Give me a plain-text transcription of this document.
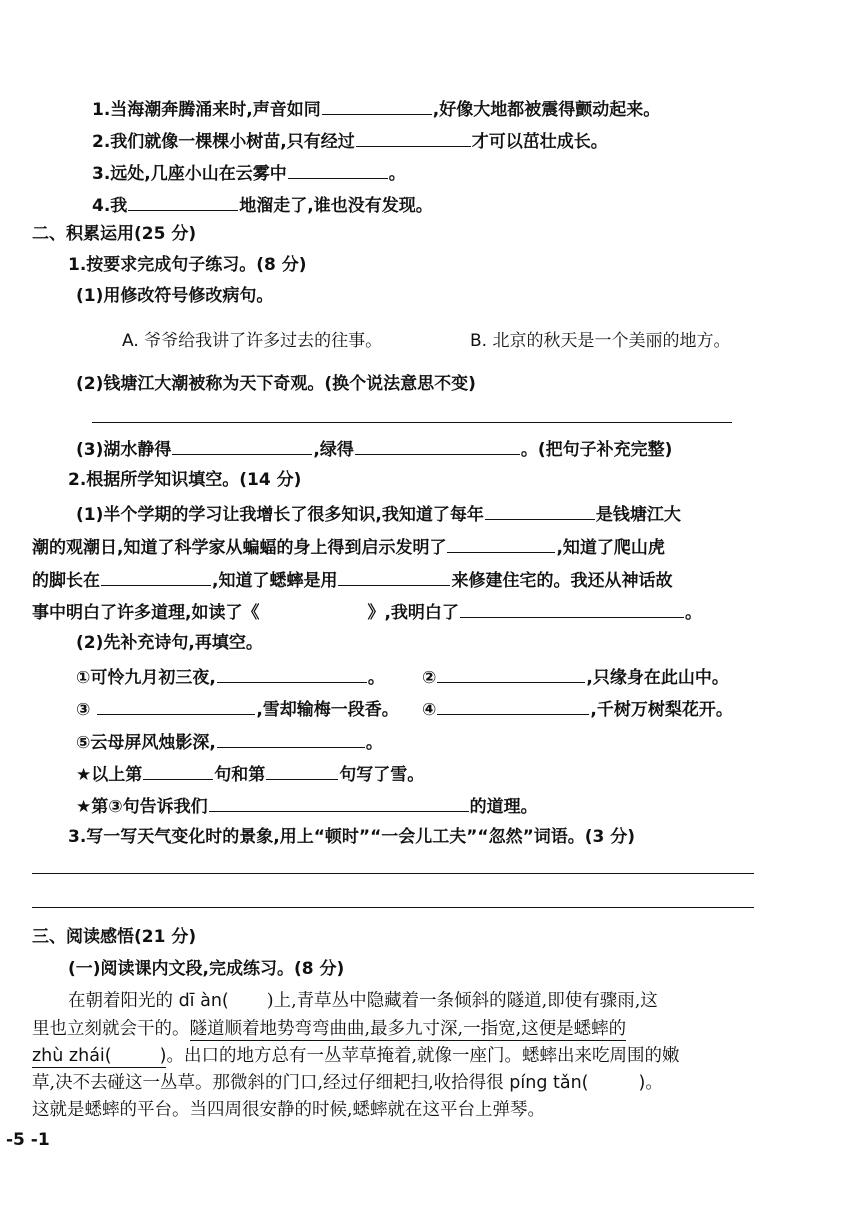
1.当海潮奔腾涌来时,声音如同	,好像大地都被震得颤动起来。
2.我们就像一棵棵小树苗,只有经过	才可以茁壮成长。
3.远处,几座小山在云雾中	。
4.我	地溜走了,谁也没有发现。
二、积累运用(25 分)
1.按要求完成句子练习。(8 分)
(1)用修改符号修改病句。
A. 爷爷给我讲了许多过去的往事。	B. 北京的秋天是一个美丽的地方。
(2)钱塘江大潮被称为天下奇观。(换个说法意思不变)
(3)湖水静得	,绿得	。(把句子补充完整)
2.根据所学知识填空。(14 分)
(1)半个学期的学习让我增长了很多知识,我知道了每年	是钱塘江大
潮的观潮日,知道了科学家从蝙蝠的身上得到启示发明了	,知道了爬山虎
的脚长在	,知道了蟋蟀是用	来修建住宅的。我还从神话故
事中明白了许多道理,如读了《	》,我明白了	。
(2)先补充诗句,再填空。
①可怜九月初三夜,	。 ②	,只缘身在此山中。
③	,雪却输梅一段香。 ④	,千树万树梨花开。
⑤云母屏风烛影深,	。
★以上第	句和第	句写了雪。
★第③句告诉我们	的道理。
3.写一写天气变化时的景象,用上“顿时”“一会儿工夫”“忽然”词语。(3 分)
三、阅读感悟(21 分)
(一)阅读课内文段,完成练习。(8 分)
在朝着阳光的 dī àn( )上,青草丛中隐藏着一条倾斜的隧道,即使有骤雨,这
里也立刻就会干的。隧道顺着地势弯弯曲曲,最多九寸深,一指宽,这便是蟋蟀的
zhù zhái(	)。出口的地方总有一丛苹草掩着,就像一座门。蟋蟀出来吃周围的嫩
草,决不去碰这一丛草。那微斜的门口,经过仔细耙扫,收拾得很 píng tǎn(	)。
这就是蟋蟀的平台。当四周很安静的时候,蟋蟀就在这平台上弹琴。
-5 -1
